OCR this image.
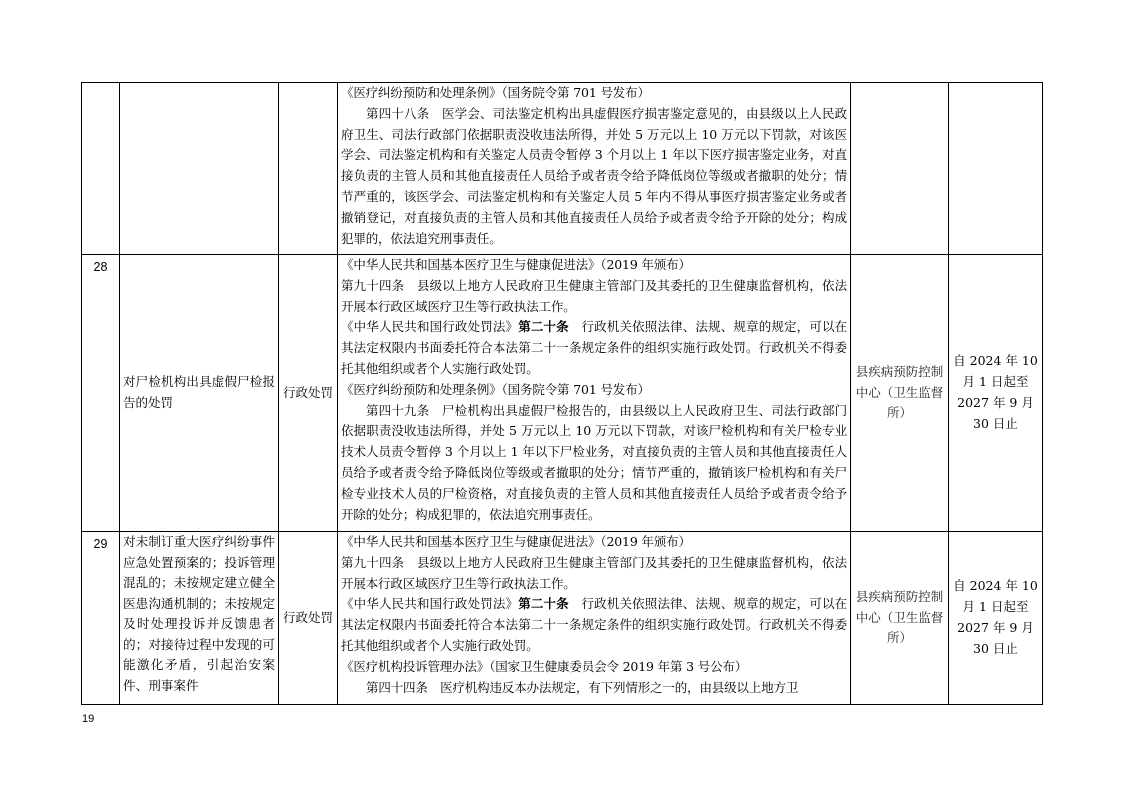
			《医疗纠纷预防和处理条例》（国务院令第 701 号发布）
第四十八条　医学会、司法鉴定机构出具虚假医疗损害鉴定意见的，由县级以上人民政府卫生、司法行政部门依据职责没收违法所得，并处 5 万元以上 10 万元以下罚款，对该医学会、司法鉴定机构和有关鉴定人员责令暂停 3 个月以上 1 年以下医疗损害鉴定业务，对直接负责的主管人员和其他直接责任人员给予或者责令给予降低岗位等级或者撤职的处分；情节严重的，该医学会、司法鉴定机构和有关鉴定人员 5 年内不得从事医疗损害鉴定业务或者撤销登记，对直接负责的主管人员和其他直接责任人员给予或者责令给予开除的处分；构成犯罪的，依法追究刑事责任。		

28	对尸检机构出具虚假尸检报告的处罚	行政处罚	《中华人民共和国基本医疗卫生与健康促进法》（2019 年颁布）
第九十四条　县级以上地方人民政府卫生健康主管部门及其委托的卫生健康监督机构，依法开展本行政区域医疗卫生等行政执法工作。
《中华人民共和国行政处罚法》第二十条　行政机关依照法律、法规、规章的规定，可以在其法定权限内书面委托符合本法第二十一条规定条件的组织实施行政处罚。行政机关不得委托其他组织或者个人实施行政处罚。
《医疗纠纷预防和处理条例》（国务院令第 701 号发布）
第四十九条　尸检机构出具虚假尸检报告的，由县级以上人民政府卫生、司法行政部门依据职责没收违法所得，并处 5 万元以上 10 万元以下罚款，对该尸检机构和有关尸检专业技术人员责令暂停 3 个月以上 1 年以下尸检业务，对直接负责的主管人员和其他直接责任人员给予或者责令给予降低岗位等级或者撤职的处分；情节严重的，撤销该尸检机构和有关尸检专业技术人员的尸检资格，对直接负责的主管人员和其他直接责任人员给予或者责令给予开除的处分；构成犯罪的，依法追究刑事责任。	县疾病预防控制中心（卫生监督所）	自 2024 年 10 月 1 日起至 2027 年 9 月 30 日止

29	对未制订重大医疗纠纷事件应急处置预案的；投诉管理混乱的；未按规定建立健全医患沟通机制的；未按规定及时处理投诉并反馈患者的；对接待过程中发现的可能激化矛盾，引起治安案件、刑事案件	行政处罚	《中华人民共和国基本医疗卫生与健康促进法》（2019 年颁布）
第九十四条　县级以上地方人民政府卫生健康主管部门及其委托的卫生健康监督机构，依法开展本行政区域医疗卫生等行政执法工作。
《中华人民共和国行政处罚法》第二十条　行政机关依照法律、法规、规章的规定，可以在其法定权限内书面委托符合本法第二十一条规定条件的组织实施行政处罚。行政机关不得委托其他组织或者个人实施行政处罚。
《医疗机构投诉管理办法》（国家卫生健康委员会令 2019 年第 3 号公布）
第四十四条　医疗机构违反本办法规定，有下列情形之一的，由县级以上地方卫	县疾病预防控制中心（卫生监督所）	自 2024 年 10 月 1 日起至 2027 年 9 月 30 日止
19
